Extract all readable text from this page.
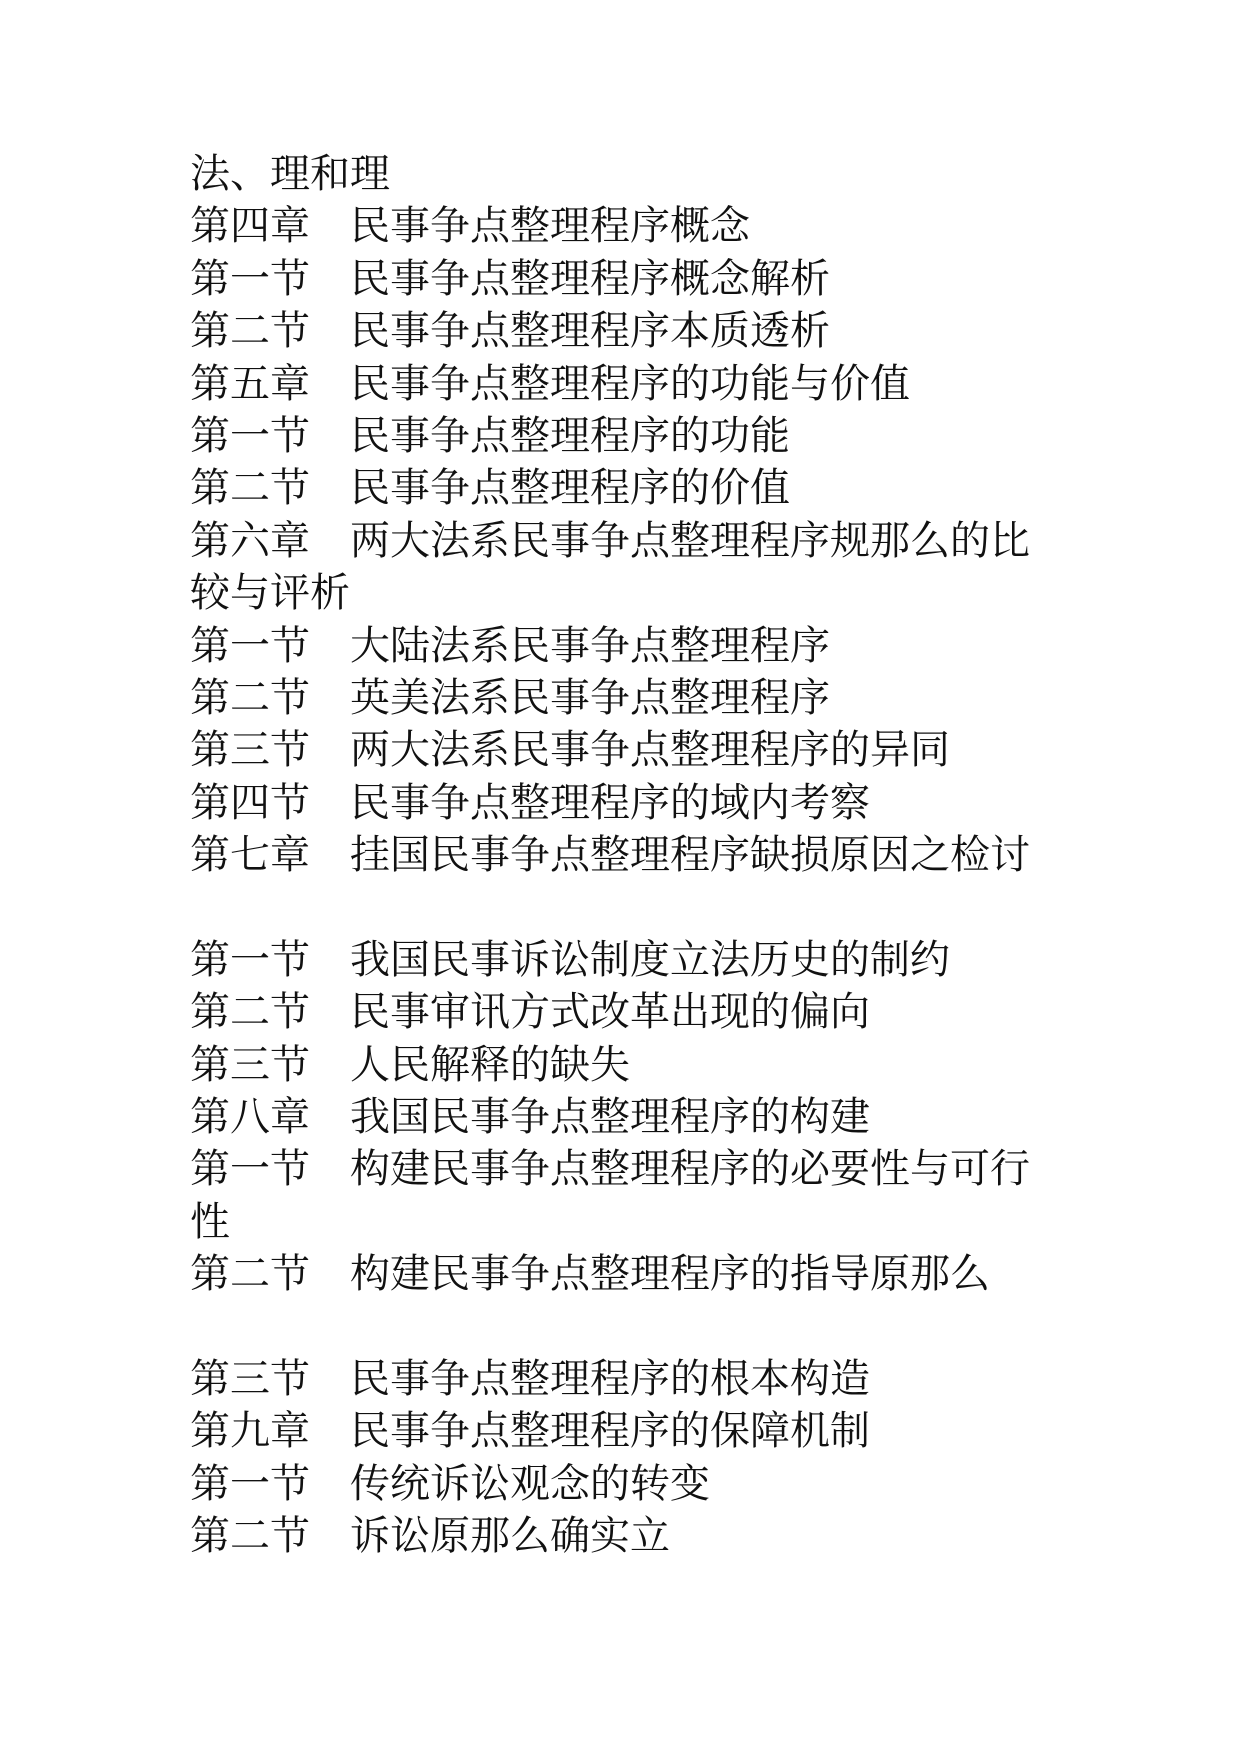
法、理和理
第四章　民事争点整理程序概念
第一节　民事争点整理程序概念解析
第二节　民事争点整理程序本质透析
第五章　民事争点整理程序的功能与价值
第一节　民事争点整理程序的功能
第二节　民事争点整理程序的价值
第六章　两大法系民事争点整理程序规那么的比
较与评析
第一节　大陆法系民事争点整理程序
第二节　英美法系民事争点整理程序
第三节　两大法系民事争点整理程序的异同
第四节　民事争点整理程序的域内考察
第七章　挂国民事争点整理程序缺损原因之检讨
第一节　我国民事诉讼制度立法历史的制约
第二节　民事审讯方式改革出现的偏向
第三节　人民解释的缺失
第八章　我国民事争点整理程序的构建
第一节　构建民事争点整理程序的必要性与可行
性
第二节　构建民事争点整理程序的指导原那么
第三节　民事争点整理程序的根本构造
第九章　民事争点整理程序的保障机制
第一节　传统诉讼观念的转变
第二节　诉讼原那么确实立
